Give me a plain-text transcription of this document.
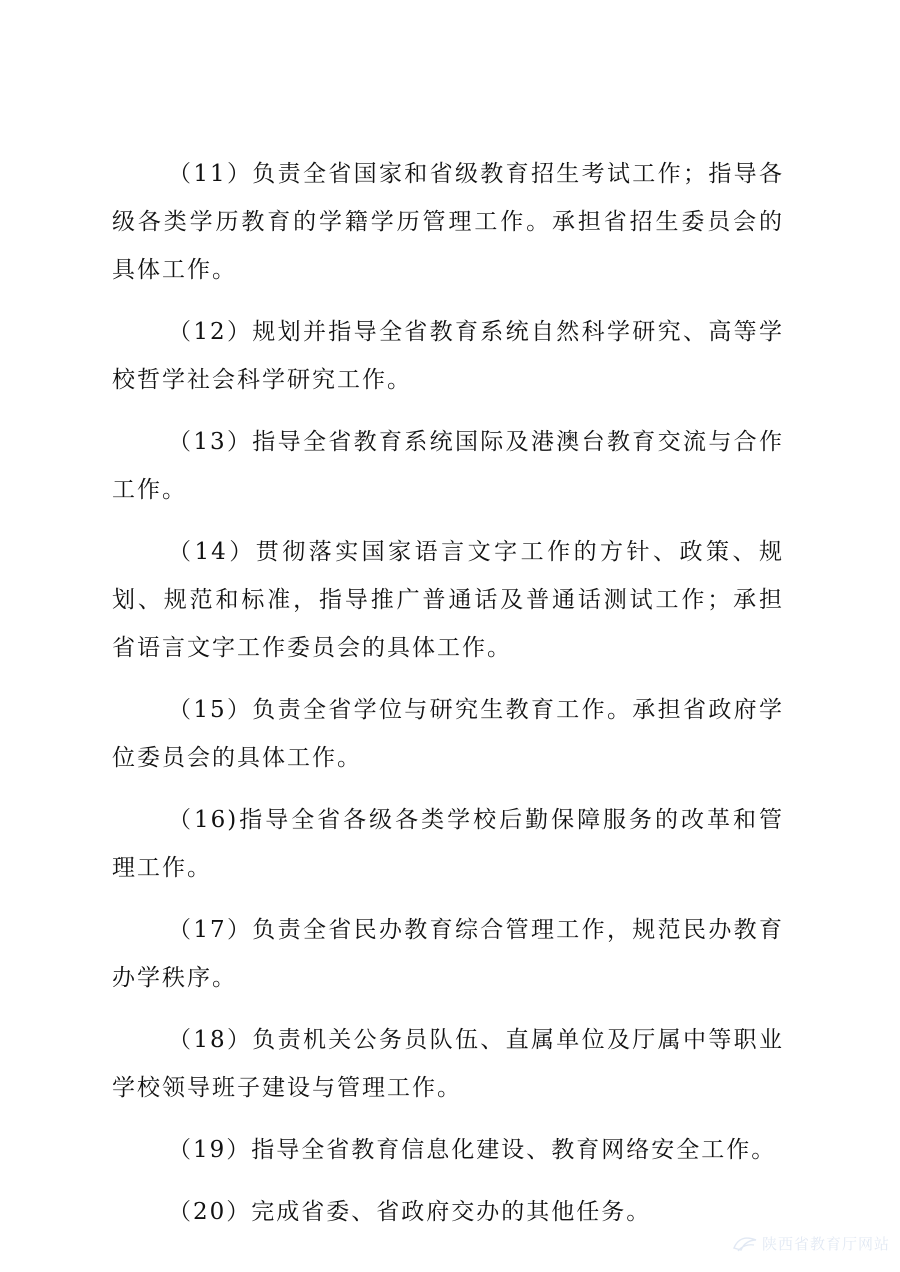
（11）负责全省国家和省级教育招生考试工作；指导各级各类学历教育的学籍学历管理工作。承担省招生委员会的具体工作。

（12）规划并指导全省教育系统自然科学研究、高等学校哲学社会科学研究工作。

（13）指导全省教育系统国际及港澳台教育交流与合作工作。

（14）贯彻落实国家语言文字工作的方针、政策、规划、规范和标准，指导推广普通话及普通话测试工作；承担省语言文字工作委员会的具体工作。

（15）负责全省学位与研究生教育工作。承担省政府学位委员会的具体工作。

（16)指导全省各级各类学校后勤保障服务的改革和管理工作。

（17）负责全省民办教育综合管理工作，规范民办教育办学秩序。

（18）负责机关公务员队伍、直属单位及厅属中等职业学校领导班子建设与管理工作。

（19）指导全省教育信息化建设、教育网络安全工作。

（20）完成省委、省政府交办的其他任务。

陕西省教育厅网站
